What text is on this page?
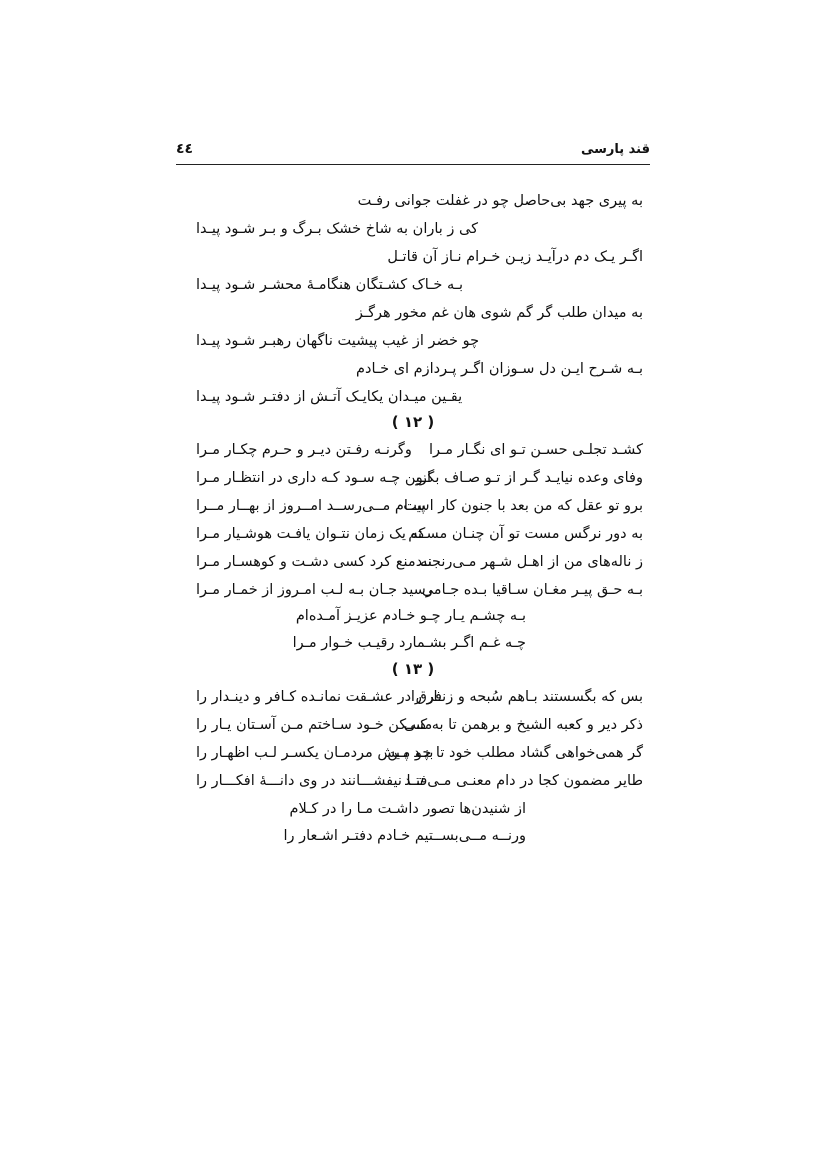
قند پارسی
٤٤
به پیری جهد بی‌حاصل چو در غفلت جوانی رفـت
کی ز باران به شاخ خشک بـرگ و بـر شـود پیـدا
اگـر یـک دم درآیـد زیـن خـرام نـاز آن قاتـل
بـه خـاک کشـتگان هنگامـهٔ محشـر شـود پیـدا
به میدان طلب گر گم شوی هان غم مخور هرگـز
چو خضر از غیب پیشیت ناگهان رهبـر شـود پیـدا
بـه شـرح ایـن دل سـوزان اگـر پـردازم ای خـادم
یقـین میـدان یکایـک آتـش از دفتـر شـود پیـدا
( ۱۲ )
کشـد تجلـی حسـن تـو ای نگـار مـرا
وگرنـه رفـتن دیـر و حـرم چکـار مـرا
وفای وعده نیایـد گـر از تـو صـاف بگـو
ازین چـه سـود کـه داری در انتظـار مـرا
برو تو عقل که من بعد با جنون کار است
پیــام مــی‌رســد امــروز از بهــار مــرا
به دور نرگس مست تو آن چنـان مسـتم
که یک زمان نتـوان یافـت هوشـیار مـرا
ز ناله‌های من از اهـل شـهر مـی‌رنجنـد
نه منع کرد کسی دشـت و کوهسـار مـرا
بـه حـق پیـر مغـان سـاقیا بـده جـامی
رسید جـان بـه لـب امـروز از خمـار مـرا
بـه چشـم یـار چـو خـادم عزیـز آمـده‌ام
چـه غـم اگـر بشـمارد رقیـب خـوار مـرا
( ۱۳ )
بس که بگسستند بـاهم سُبحه و زنـار را
فرق در عشـقت نمانـده کـافر و دینـدار را
ذکر دیر و کعبه الشیخ و برهمن تا به کـی
مسـکن خـود سـاختم مـن آسـتان یـار را
گر همی‌خواهی گشاد مطلب خود تا چو مـن
بنـد پـیش مردمـان یکسـر لـب اظهـار را
طایر مضمون کجا در دام معنـی مـی‌فتـد
تــا نیفشـــانند در وی دانـــهٔ افکـــار را
از شنیدن‌ها تصور داشـت مـا را در کـلام
ورنــه مــی‌بســتیم خـادم دفتـر اشـعار را
